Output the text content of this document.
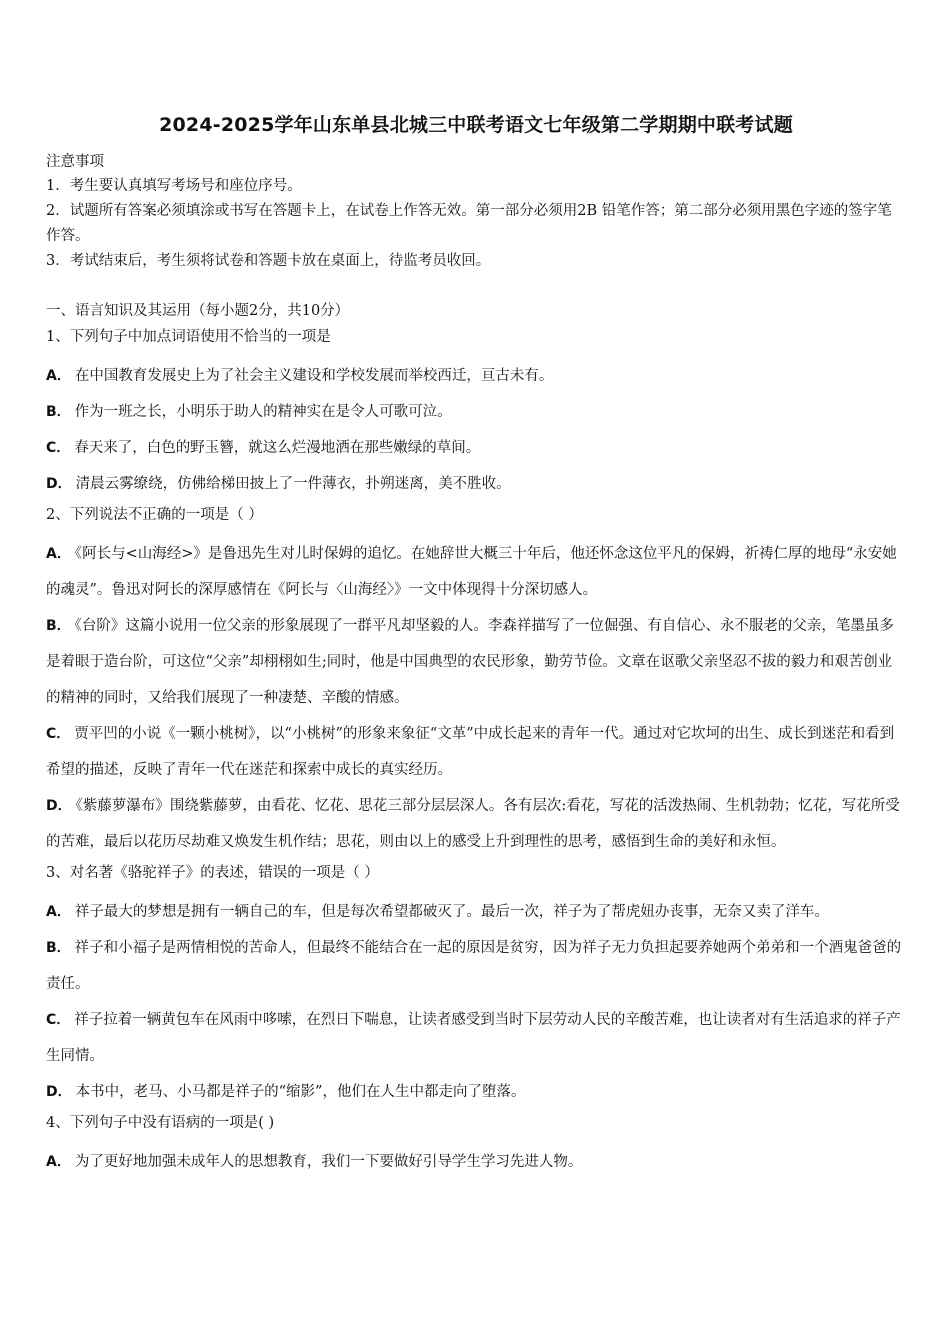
2024-2025学年山东单县北城三中联考语文七年级第二学期期中联考试题

注意事项

1．考生要认真填写考场号和座位序号。

2．试题所有答案必须填涂或书写在答题卡上，在试卷上作答无效。第一部分必须用2B 铅笔作答；第二部分必须用黑色字迹的签字笔作答。

3．考试结束后，考生须将试卷和答题卡放在桌面上，待监考员收回。

一、语言知识及其运用（每小题2分，共10分）

1、下列句子中加点词语使用不恰当的一项是

A． 在中国教育发展史上为了社会主义建设和学校发展而举校西迁，亘古未有。

B． 作为一班之长，小明乐于助人的精神实在是令人可歌可泣。

C． 春天来了，白色的野玉簪，就这么烂漫地洒在那些嫩绿的草间。

D． 清晨云雾缭绕，仿佛给梯田披上了一件薄衣，扑朔迷离，美不胜收。

2、下列说法不正确的一项是（ ）

A． 《阿长与<山海经>》是鲁迅先生对儿时保姆的追忆。在她辞世大概三十年后，他还怀念这位平凡的保姆，祈祷仁厚的地母“永安她的魂灵”。鲁迅对阿长的深厚感情在《阿长与〈山海经〉》一文中体现得十分深切感人。

B． 《台阶》这篇小说用一位父亲的形象展现了一群平凡却坚毅的人。李森祥描写了一位倔强、有自信心、永不服老的父亲，笔墨虽多是着眼于造台阶，可这位“父亲”却栩栩如生;同时，他是中国典型的农民形象，勤劳节俭。文章在讴歌父亲坚忍不拔的毅力和艰苦创业的精神的同时，又给我们展现了一种凄楚、辛酸的情感。

C． 贾平凹的小说《一颗小桃树》，以“小桃树”的形象来象征“文革”中成长起来的青年一代。通过对它坎坷的出生、成长到迷茫和看到希望的描述，反映了青年一代在迷茫和探索中成长的真实经历。

D． 《紫藤萝瀑布》围绕紫藤萝，由看花、忆花、思花三部分层层深人。各有层次:看花，写花的活泼热闹、生机勃勃；忆花，写花所受的苦难，最后以花历尽劫难又焕发生机作结；思花，则由以上的感受上升到理性的思考，感悟到生命的美好和永恒。

3、对名著《骆驼祥子》的表述，错误的一项是（ ）

A． 祥子最大的梦想是拥有一辆自己的车，但是每次希望都破灭了。最后一次，祥子为了帮虎妞办丧事，无奈又卖了洋车。

B． 祥子和小福子是两情相悦的苦命人，但最终不能结合在一起的原因是贫穷，因为祥子无力负担起要养她两个弟弟和一个酒鬼爸爸的责任。

C． 祥子拉着一辆黄包车在风雨中哆嗦，在烈日下喘息，让读者感受到当时下层劳动人民的辛酸苦难，也让读者对有生活追求的祥子产生同情。

D． 本书中，老马、小马都是祥子的“缩影”，他们在人生中都走向了堕落。

4、下列句子中没有语病的一项是( )

A． 为了更好地加强未成年人的思想教育，我们一下要做好引导学生学习先进人物。
